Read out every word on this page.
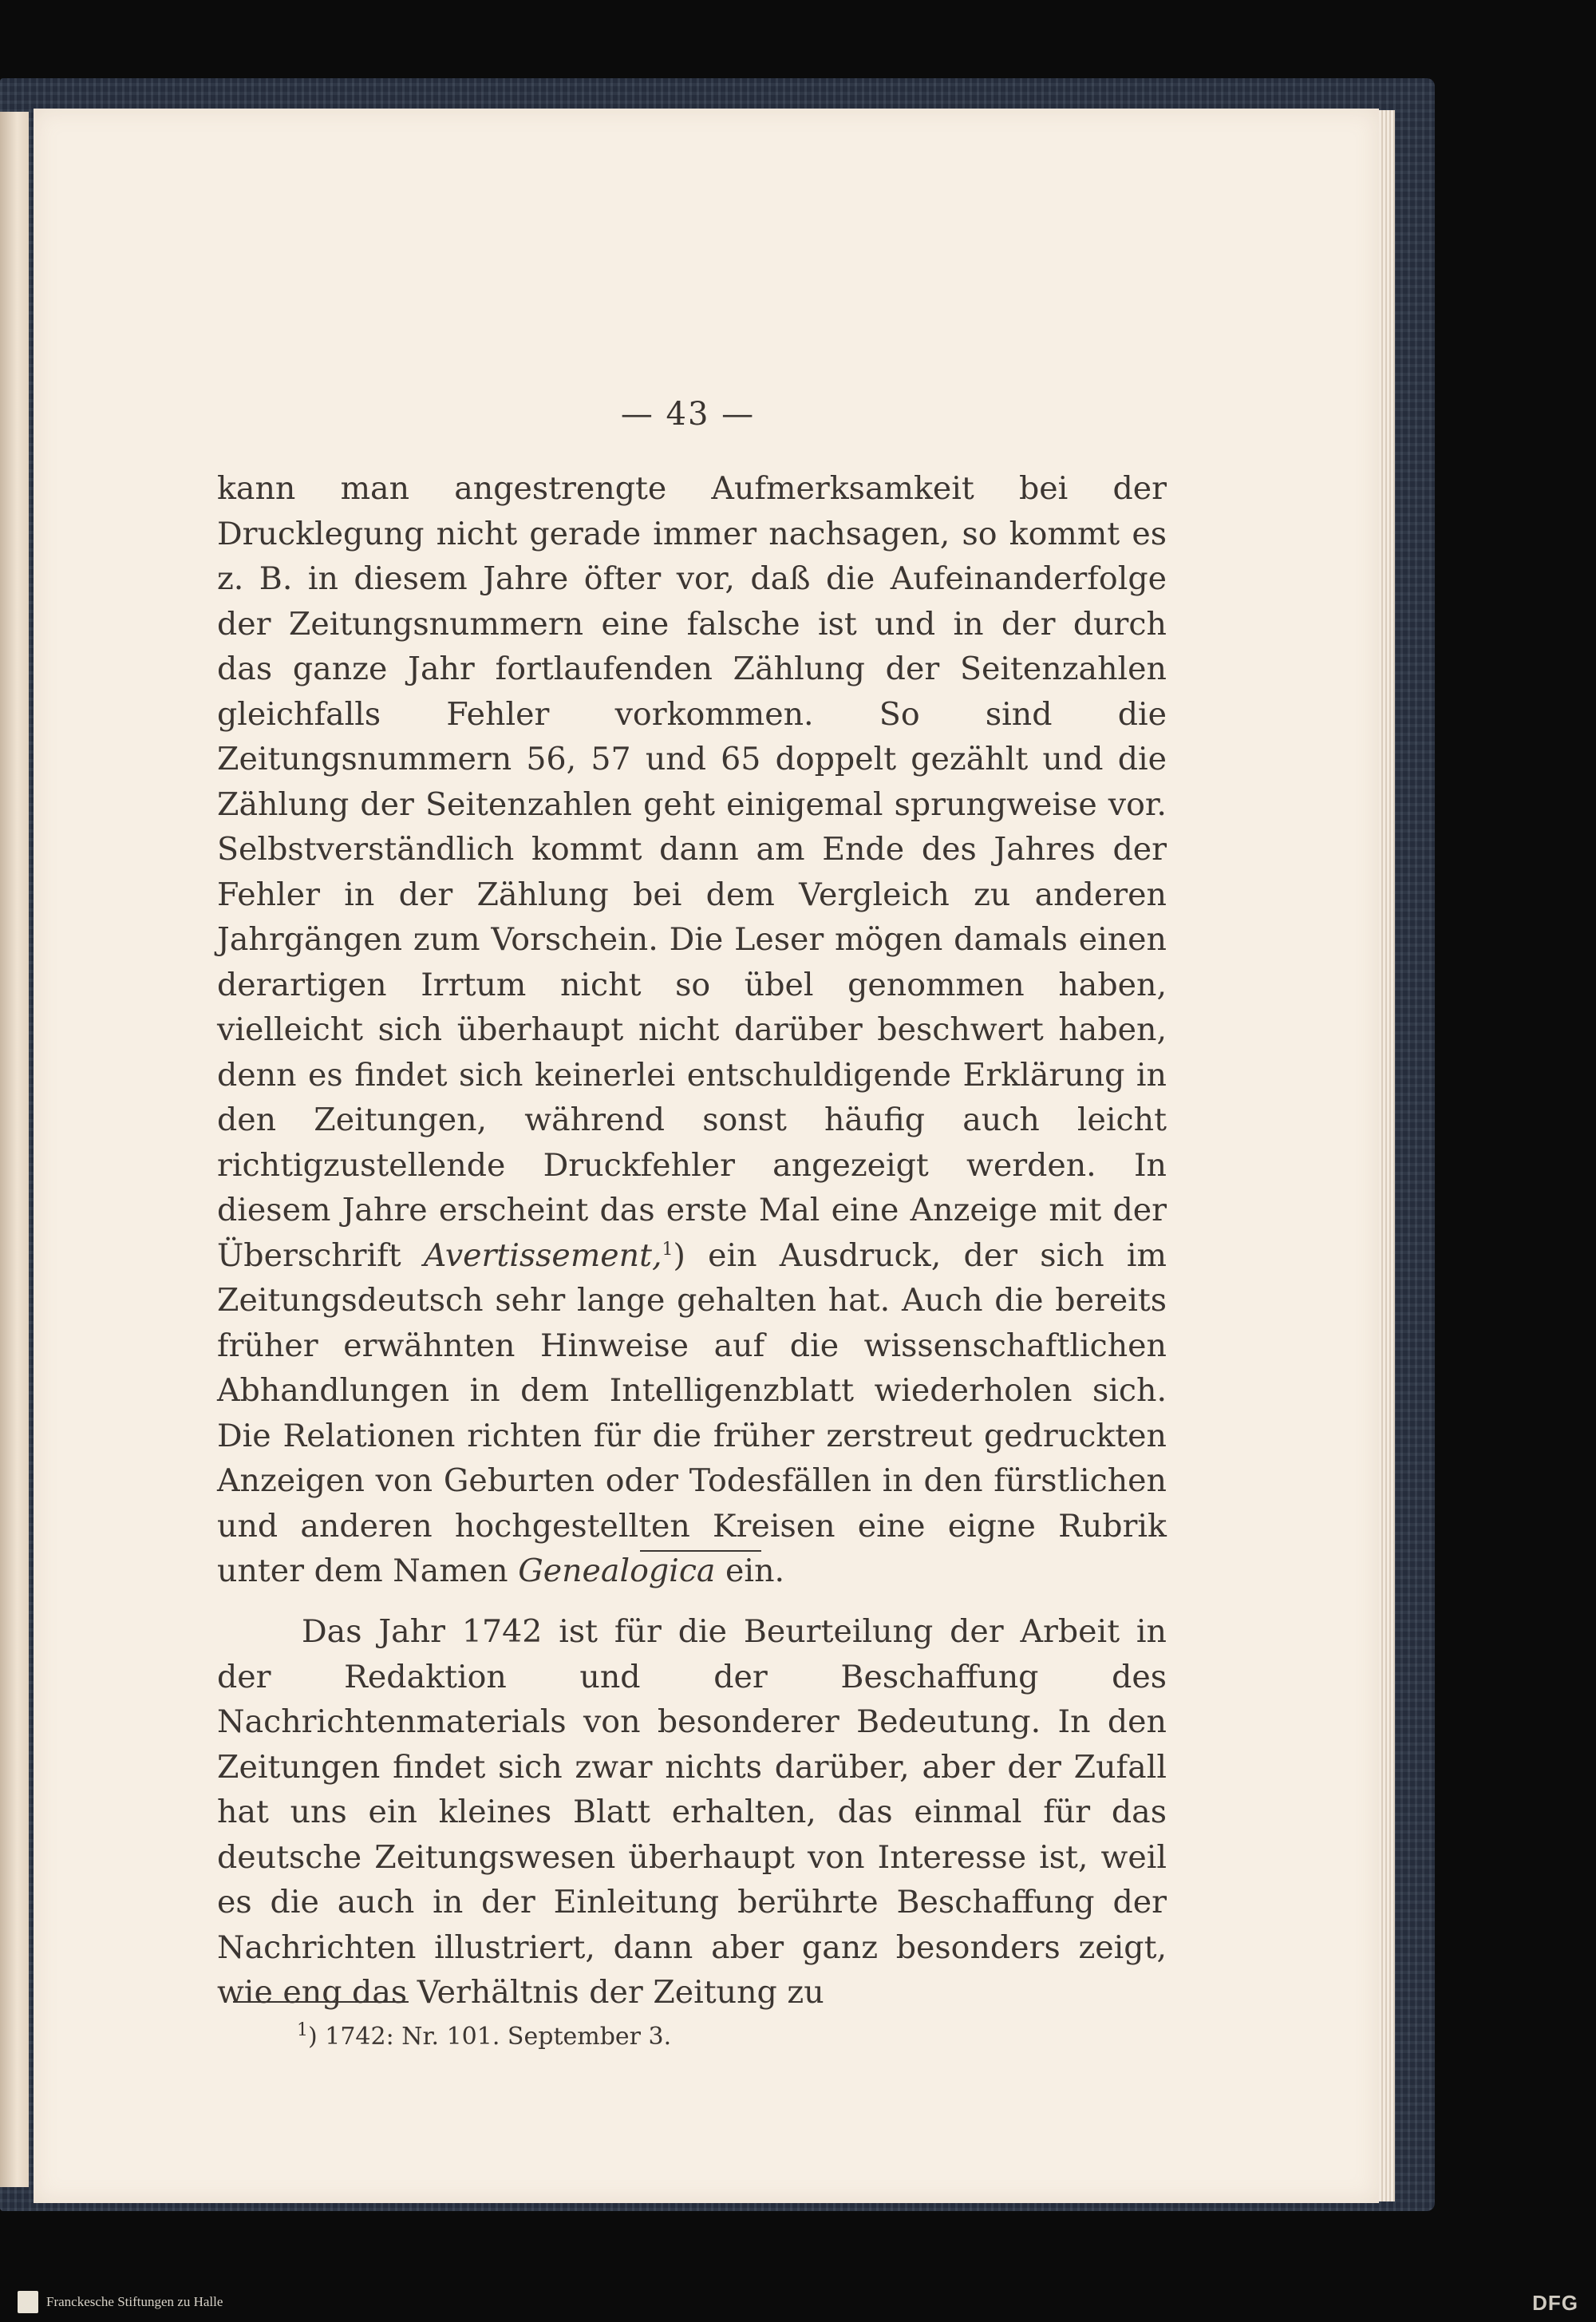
— 43 —

kann man angestrengte Aufmerksamkeit bei der Drucklegung nicht gerade immer nachsagen, so kommt es z. B. in diesem Jahre öfter vor, daß die Aufeinanderfolge der Zeitungsnummern eine falsche ist und in der durch das ganze Jahr fortlaufenden Zählung der Seitenzahlen gleichfalls Fehler vorkommen. So sind die Zeitungsnummern 56, 57 und 65 doppelt gezählt und die Zählung der Seitenzahlen geht einigemal sprungweise vor. Selbstverständlich kommt dann am Ende des Jahres der Fehler in der Zählung bei dem Vergleich zu anderen Jahrgängen zum Vorschein. Die Leser mögen damals einen derartigen Irrtum nicht so übel genommen haben, vielleicht sich überhaupt nicht darüber beschwert haben, denn es findet sich keinerlei entschuldigende Erklärung in den Zeitungen, während sonst häufig auch leicht richtigzustellende Druckfehler angezeigt werden. In diesem Jahre erscheint das erste Mal eine Anzeige mit der Überschrift Avertissement,$^1$) ein Ausdruck, der sich im Zeitungsdeutsch sehr lange gehalten hat. Auch die bereits früher erwähnten Hinweise auf die wissenschaftlichen Abhandlungen in dem Intelligenzblatt wiederholen sich. Die Relationen richten für die früher zerstreut gedruckten Anzeigen von Geburten oder Todesfällen in den fürstlichen und anderen hochgestellten Kreisen eine eigne Rubrik unter dem Namen Genealogica ein.

Das Jahr 1742 ist für die Beurteilung der Arbeit in der Redaktion und der Beschaffung des Nachrichtenmaterials von besonderer Bedeutung. In den Zeitungen findet sich zwar nichts darüber, aber der Zufall hat uns ein kleines Blatt erhalten, das einmal für das deutsche Zeitungswesen überhaupt von Interesse ist, weil es die auch in der Einleitung berührte Beschaffung der Nachrichten illustriert, dann aber ganz besonders zeigt, wie eng das Verhältnis der Zeitung zu

$^1$) 1742: Nr. 101. September 3.
Franckesche Stiftungen zu Halle	DFG
